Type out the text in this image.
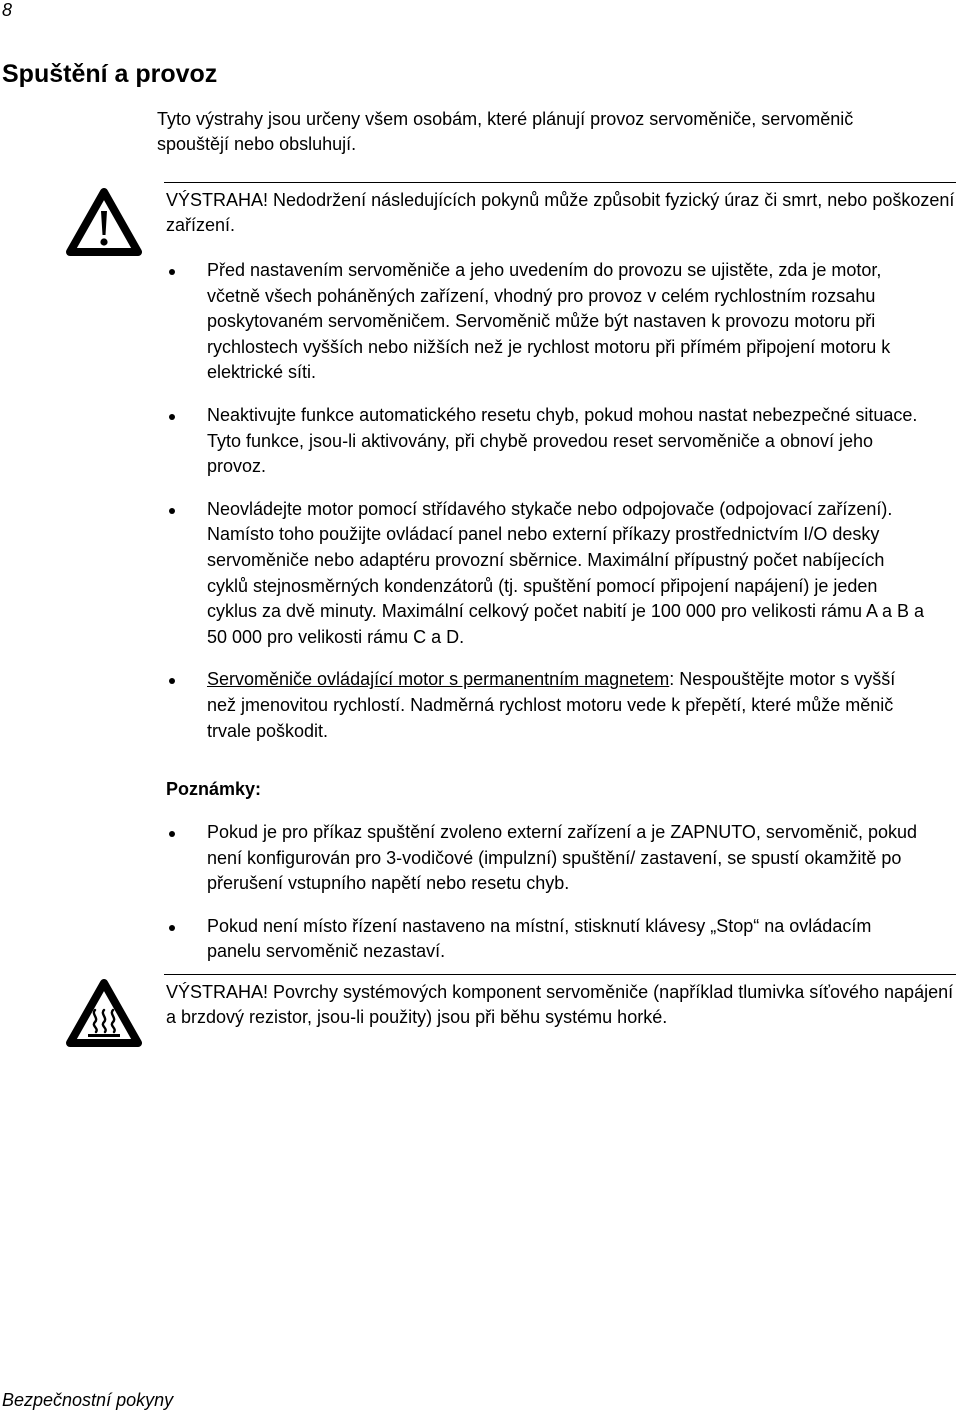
8
Spuštění a provoz

Tyto výstrahy jsou určeny všem osobám, které plánují provoz servoměniče, servoměnič spouštějí nebo obsluhují.

VÝSTRAHA! Nedodržení následujících pokynů může způsobit fyzický úraz či smrt, nebo poškození zařízení.

Před nastavením servoměniče a jeho uvedením do provozu se ujistěte, zda je motor, včetně všech poháněných zařízení, vhodný pro provoz v celém rychlostním rozsahu poskytovaném servoměničem. Servoměnič může být nastaven k provozu motoru při rychlostech vyšších nebo nižších než je rychlost motoru při přímém připojení motoru k elektrické síti.
Neaktivujte funkce automatického resetu chyb, pokud mohou nastat nebezpečné situace. Tyto funkce, jsou-li aktivovány, při chybě provedou reset servoměniče a obnoví jeho provoz.
Neovládejte motor pomocí střídavého stykače nebo odpojovače (odpojovací zařízení). Namísto toho použijte ovládací panel nebo externí příkazy prostřednictvím I/O desky servoměniče nebo adaptéru provozní sběrnice. Maximální přípustný počet nabíjecích cyklů stejnosměrných kondenzátorů (tj. spuštění pomocí připojení napájení) je jeden cyklus za dvě minuty. Maximální celkový počet nabití je 100 000 pro velikosti rámu A a B a 50 000 pro velikosti rámu C a D.
Servoměniče ovládající motor s permanentním magnetem: Nespouštějte motor s vyšší než jmenovitou rychlostí. Nadměrná rychlost motoru vede k přepětí, které může měnič trvale poškodit.
Poznámky:
Pokud je pro příkaz spuštění zvoleno externí zařízení a je ZAPNUTO, servoměnič, pokud není konfigurován pro 3-vodičové (impulzní) spuštění/ zastavení, se spustí okamžitě po přerušení vstupního napětí nebo resetu chyb.
Pokud není místo řízení nastaveno na místní, stisknutí klávesy „Stop“ na ovládacím panelu servoměnič nezastaví.

VÝSTRAHA! Povrchy systémových komponent servoměniče (například tlumivka síťového napájení a brzdový rezistor, jsou-li použity) jsou při běhu systému horké.

Bezpečnostní pokyny
